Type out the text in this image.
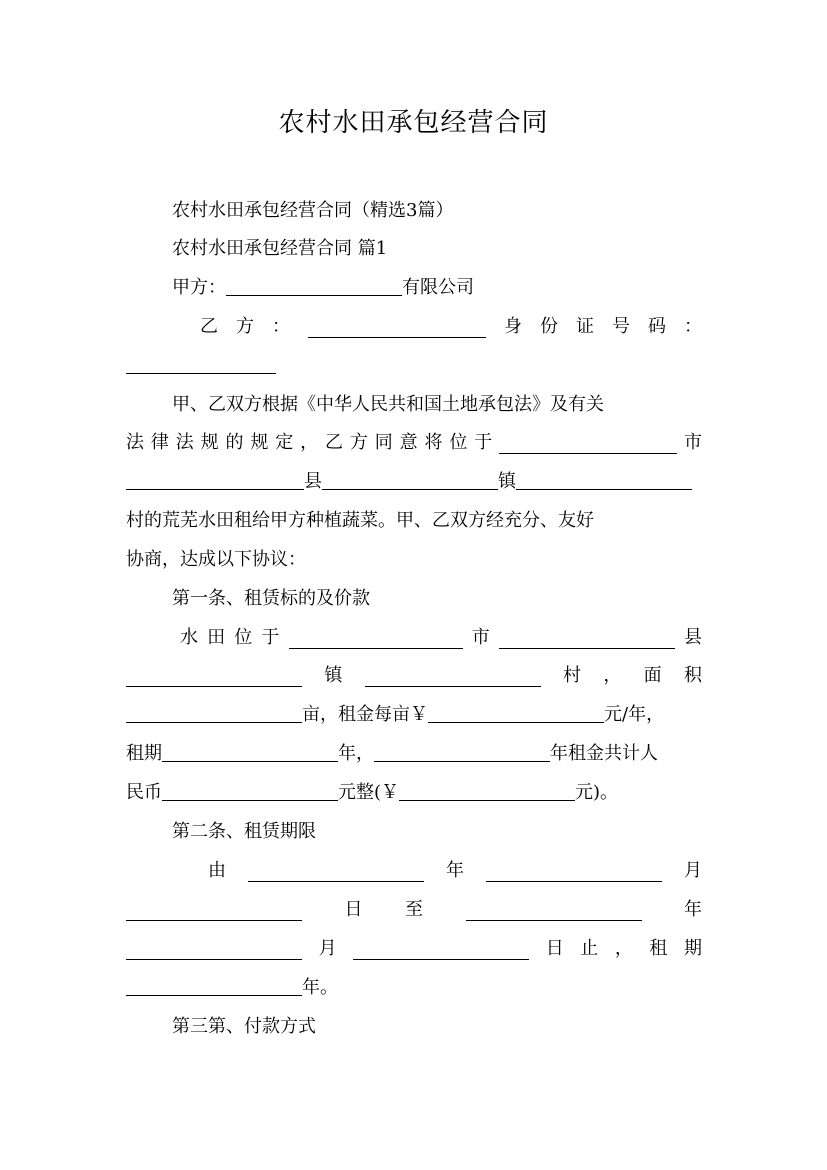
农村水田承包经营合同
农村水田承包经营合同（精选3篇）
农村水田承包经营合同 篇1
甲方：	有限公司
乙 方 ：	身 份 证 号 码 ：
甲、乙双方根据《中华人民共和国土地承包法》及有关
法 律 法 规 的 规 定 ， 乙 方 同 意 将 位 于	市
县	镇
村的荒芜水田租给甲方种植蔬菜。甲、乙双方经充分、友好
协商，达成以下协议：
第一条、租赁标的及价款
水 田 位 于	市	县
镇	村 ， 面 积
亩，租金每亩￥	元/年，
租期	年，	年租金共计人
民币	元整(￥	元)。
第二条、租赁期限
由	年	月
日 至	年
月	日 止 ， 租 期
年。
第三第、付款方式
